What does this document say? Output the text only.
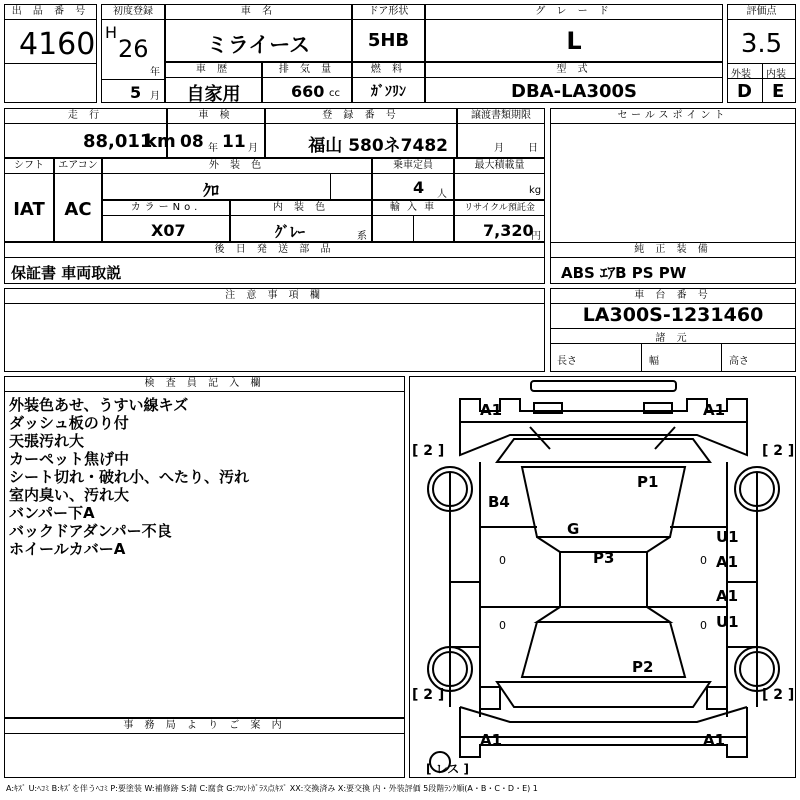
出 品 番 号
4160
初度登録
H
26
年
5 月
車 名
ミライース
ドア形状
5HB
グ レ ー ド
L
評価点
3.5
外装 内装
D E
車 歴
自家用
排 気 量
660 cc
燃 料
ｶﾞｿﾘﾝ
型 式
DBA-LA300S
走 行
88,011
km
車 検
08 年 11 月
登 録 番 号
福山 580ネ7482
譲渡書類期限
月 日
セールスポイント
シフト
IAT
エアコン
AC
外 装 色
ｸﾛ
乗車定員
4 人
最大積載量
kg
カラーNo.
X07
内 装 色
ｸﾞﾚｰ	系
輸 入 車	リサイクル預託金
7,320
円
後 日 発 送 部 品
保証書 車両取説
純 正 装 備
ABS ｴｱB PS PW
注 意 事 項 欄	車 台 番 号
LA300S-1231460
諸 元
長さ	幅	高さ
検 査 員 記 入 欄
外装色あせ、うすい線キズ
ダッシュ板のり付
天張汚れ大
カーペット焦げ中
シート切れ・破れ小、へたり、汚れ
室内臭い、汚れ大
バンパー下A
バックドアダンパー不良
ホイールカバーA
事 務 局 よ り ご 案 内
A1	A1
B4
P1
G
P3
U1
A1
A1
U1
P2
A1	A1
[ 2 ]	[ 2 ]
[ 2 ]	[ 2 ]
0	0
0	0
[ レス ]
A:ｷｽﾞ U:ﾍｺﾐ B:ｷｽﾞを伴うﾍｺﾐ P:要塗装 W:補修跡 S:錆 C:腐食 G:ﾌﾛﾝﾄｶﾞﾗｽ点ｷｽﾞ XX:交換済み X:要交換 内・外装評価 5段階ﾗﾝｸ順(A・B・C・D・E) 1
